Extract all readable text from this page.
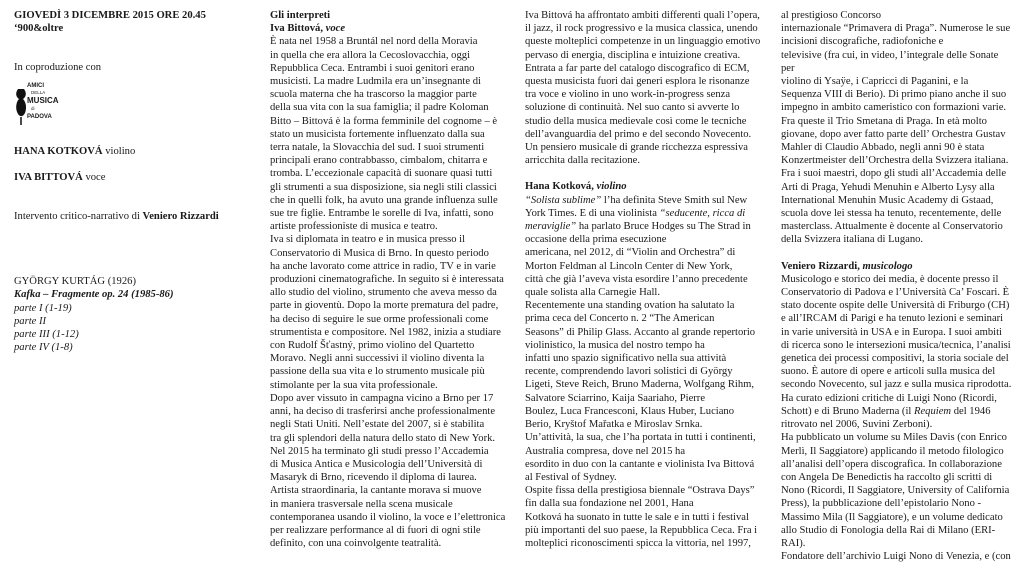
GIOVEDÌ 3 DICEMBRE 2015 ORE 20.45

‘900&oltre

In coproduzione con

AMICI
DELLA
MUSICA
di
PADOVA

HANA KOTKOVÁ violino

IVA BITTOVÁ voce

Intervento critico-narrativo di Veniero Rizzardi

GYÖRGY KURTÁG (1926)

Kafka – Fragmente op. 24 (1985-86)

parte I (1-19)

parte II

parte III (1-12)

parte IV (1-8)

Gli interpreti

Iva Bittová, voce

È nata nel 1958 a Bruntál nel nord della Moravia

in quella che era allora la Cecoslovacchia, oggi

Repubblica Ceca. Entrambi i suoi genitori erano

musicisti. La madre Ludmila era un’insegnante di

scuola materna che ha trascorso la maggior parte

della sua vita con la sua famiglia; il padre Koloman

Bitto – Bittová è la forma femminile del cognome – è

stato un musicista fortemente influenzato dalla sua

terra natale, la Slovacchia del sud. I suoi strumenti

principali erano contrabbasso, cimbalom, chitarra e

tromba. L’eccezionale capacità di suonare quasi tutti

gli strumenti a sua disposizione, sia negli stili classici

che in quelli folk, ha avuto una grande influenza sulle

sue tre figlie. Entrambe le sorelle di Iva, infatti, sono

artiste professioniste di musica e teatro.

Iva si diplomata in teatro e in musica presso il

Conservatorio di Musica di Brno. In questo periodo

ha anche lavorato come attrice in radio, TV e in varie

produzioni cinematografiche. In seguito si è interessata

allo studio del violino, strumento che aveva messo da

parte in gioventù. Dopo la morte prematura del padre,

ha deciso di seguire le sue orme professionali come

strumentista e compositore. Nel 1982, inizia a studiare

con Rudolf Šťastný, primo violino del Quartetto

Moravo. Negli anni successivi il violino diventa la

passione della sua vita e lo strumento musicale più

stimolante per la sua vita professionale.

Dopo aver vissuto in campagna vicino a Brno per 17

anni, ha deciso di trasferirsi anche professionalmente

negli Stati Uniti. Nell’estate del 2007, si è stabilita

tra gli splendori della natura dello stato di New York.

Nel 2015 ha terminato gli studi presso l’Accademia

di Musica Antica e Musicologia dell’Università di

Masaryk di Brno, ricevendo il diploma di laurea.

Artista straordinaria, la cantante morava si muove

in maniera trasversale nella scena musicale

contemporanea usando il violino, la voce e l’elettronica

per realizzare performance al di fuori di ogni stile

definito, con una coinvolgente teatralità.

Iva Bittová ha affrontato ambiti differenti quali l’opera,

il jazz, il rock progressivo e la musica classica, unendo

queste molteplici competenze in un linguaggio emotivo

pervaso di energia, disciplina e intuizione creativa.

Entrata a far parte del catalogo discografico di ECM,

questa musicista fuori dai generi esplora le risonanze

tra voce e violino in uno work-in-progress senza

soluzione di continuità. Nel suo canto si avverte lo

studio della musica medievale così come le tecniche

dell’avanguardia del primo e del secondo Novecento.

Un pensiero musicale di grande ricchezza espressiva

arricchita dalla recitazione.

Hana Kotková, violino

“Solista sublime” l’ha definita Steve Smith sul New

York Times. E di una violinista “seducente, ricca di

meraviglie” ha parlato Bruce Hodges su The Strad in

occasione della prima esecuzione

americana, nel 2012, di “Violin and Orchestra” di

Morton Feldman al Lincoln Center di New York,

città che già l’aveva vista esordire l’anno precedente

quale solista alla Carnegie Hall.

Recentemente una standing ovation ha salutato la

prima ceca del Concerto n. 2 “The American

Seasons” di Philip Glass. Accanto al grande repertorio

violinistico, la musica del nostro tempo ha

infatti uno spazio significativo nella sua attività

recente, comprendendo lavori solistici di György

Ligeti, Steve Reich, Bruno Maderna, Wolfgang Rihm,

Salvatore Sciarrino, Kaija Saariaho, Pierre

Boulez, Luca Francesconi, Klaus Huber, Luciano

Berio, Kryštof Mařatka e Miroslav Srnka.

Un’attività, la sua, che l’ha portata in tutti i continenti,

Australia compresa, dove nel 2015 ha

esordito in duo con la cantante e violinista Iva Bittová

al Festival of Sydney.

Ospite fissa della prestigiosa biennale “Ostrava Days”

fin dalla sua fondazione nel 2001, Hana

Kotková ha suonato in tutte le sale e in tutti i festival

più importanti del suo paese, la Repubblica Ceca. Fra i

molteplici riconoscimenti spicca la vittoria, nel 1997,

al prestigioso Concorso

internazionale “Primavera di Praga”. Numerose le sue

incisioni discografiche, radiofoniche e

televisive (fra cui, in video, l’integrale delle Sonate per

violino di Ysaÿe, i Capricci di Paganini, e la

Sequenza VIII di Berio). Di primo piano anche il suo

impegno in ambito cameristico con formazioni varie.

Fra queste il Trio Smetana di Praga. In età molto

giovane, dopo aver fatto parte dell’ Orchestra Gustav

Mahler di Claudio Abbado, negli anni 90 è stata

Konzertmeister dell’Orchestra della Svizzera italiana.

Fra i suoi maestri, dopo gli studi all’Accademia delle

Arti di Praga, Yehudi Menuhin e Alberto Lysy alla

International Menuhin Music Academy di Gstaad,

scuola dove lei stessa ha tenuto, recentemente, delle

masterclass. Attualmente è docente al Conservatorio

della Svizzera italiana di Lugano.

Veniero Rizzardi, musicologo

Musicologo e storico dei media, è docente presso il

Conservatorio di Padova e l’Università Ca’ Foscari. È

stato docente ospite delle Università di Friburgo (CH)

e all’IRCAM di Parigi e ha tenuto lezioni e seminari

in varie università in USA e in Europa. I suoi ambiti

di ricerca sono le intersezioni musica/tecnica, l’analisi

genetica dei processi compositivi, la storia sociale del

suono. È autore di opere e articoli sulla musica del

secondo Novecento, sul jazz e sulla musica riprodotta.

Ha curato edizioni critiche di Luigi Nono (Ricordi,

Schott) e di Bruno Maderna (il Requiem del 1946

ritrovato nel 2006, Suvini Zerboni).

Ha pubblicato un volume su Miles Davis (con Enrico

Merlì, Il Saggiatore) applicando il metodo filologico

all’analisi dell’opera discografica. In collaborazione

con Angela De Benedictis ha raccolto gli scritti di

Nono (Ricordi, Il Saggiatore, University of California

Press), la pubblicazione dell’epistolario Nono -

Massimo Mila (Il Saggiatore), e un volume dedicato

allo Studio di Fonologia della Rai di Milano (ERI-

RAI).

Fondatore dell’archivio Luigi Nono di Venezia, e (con
